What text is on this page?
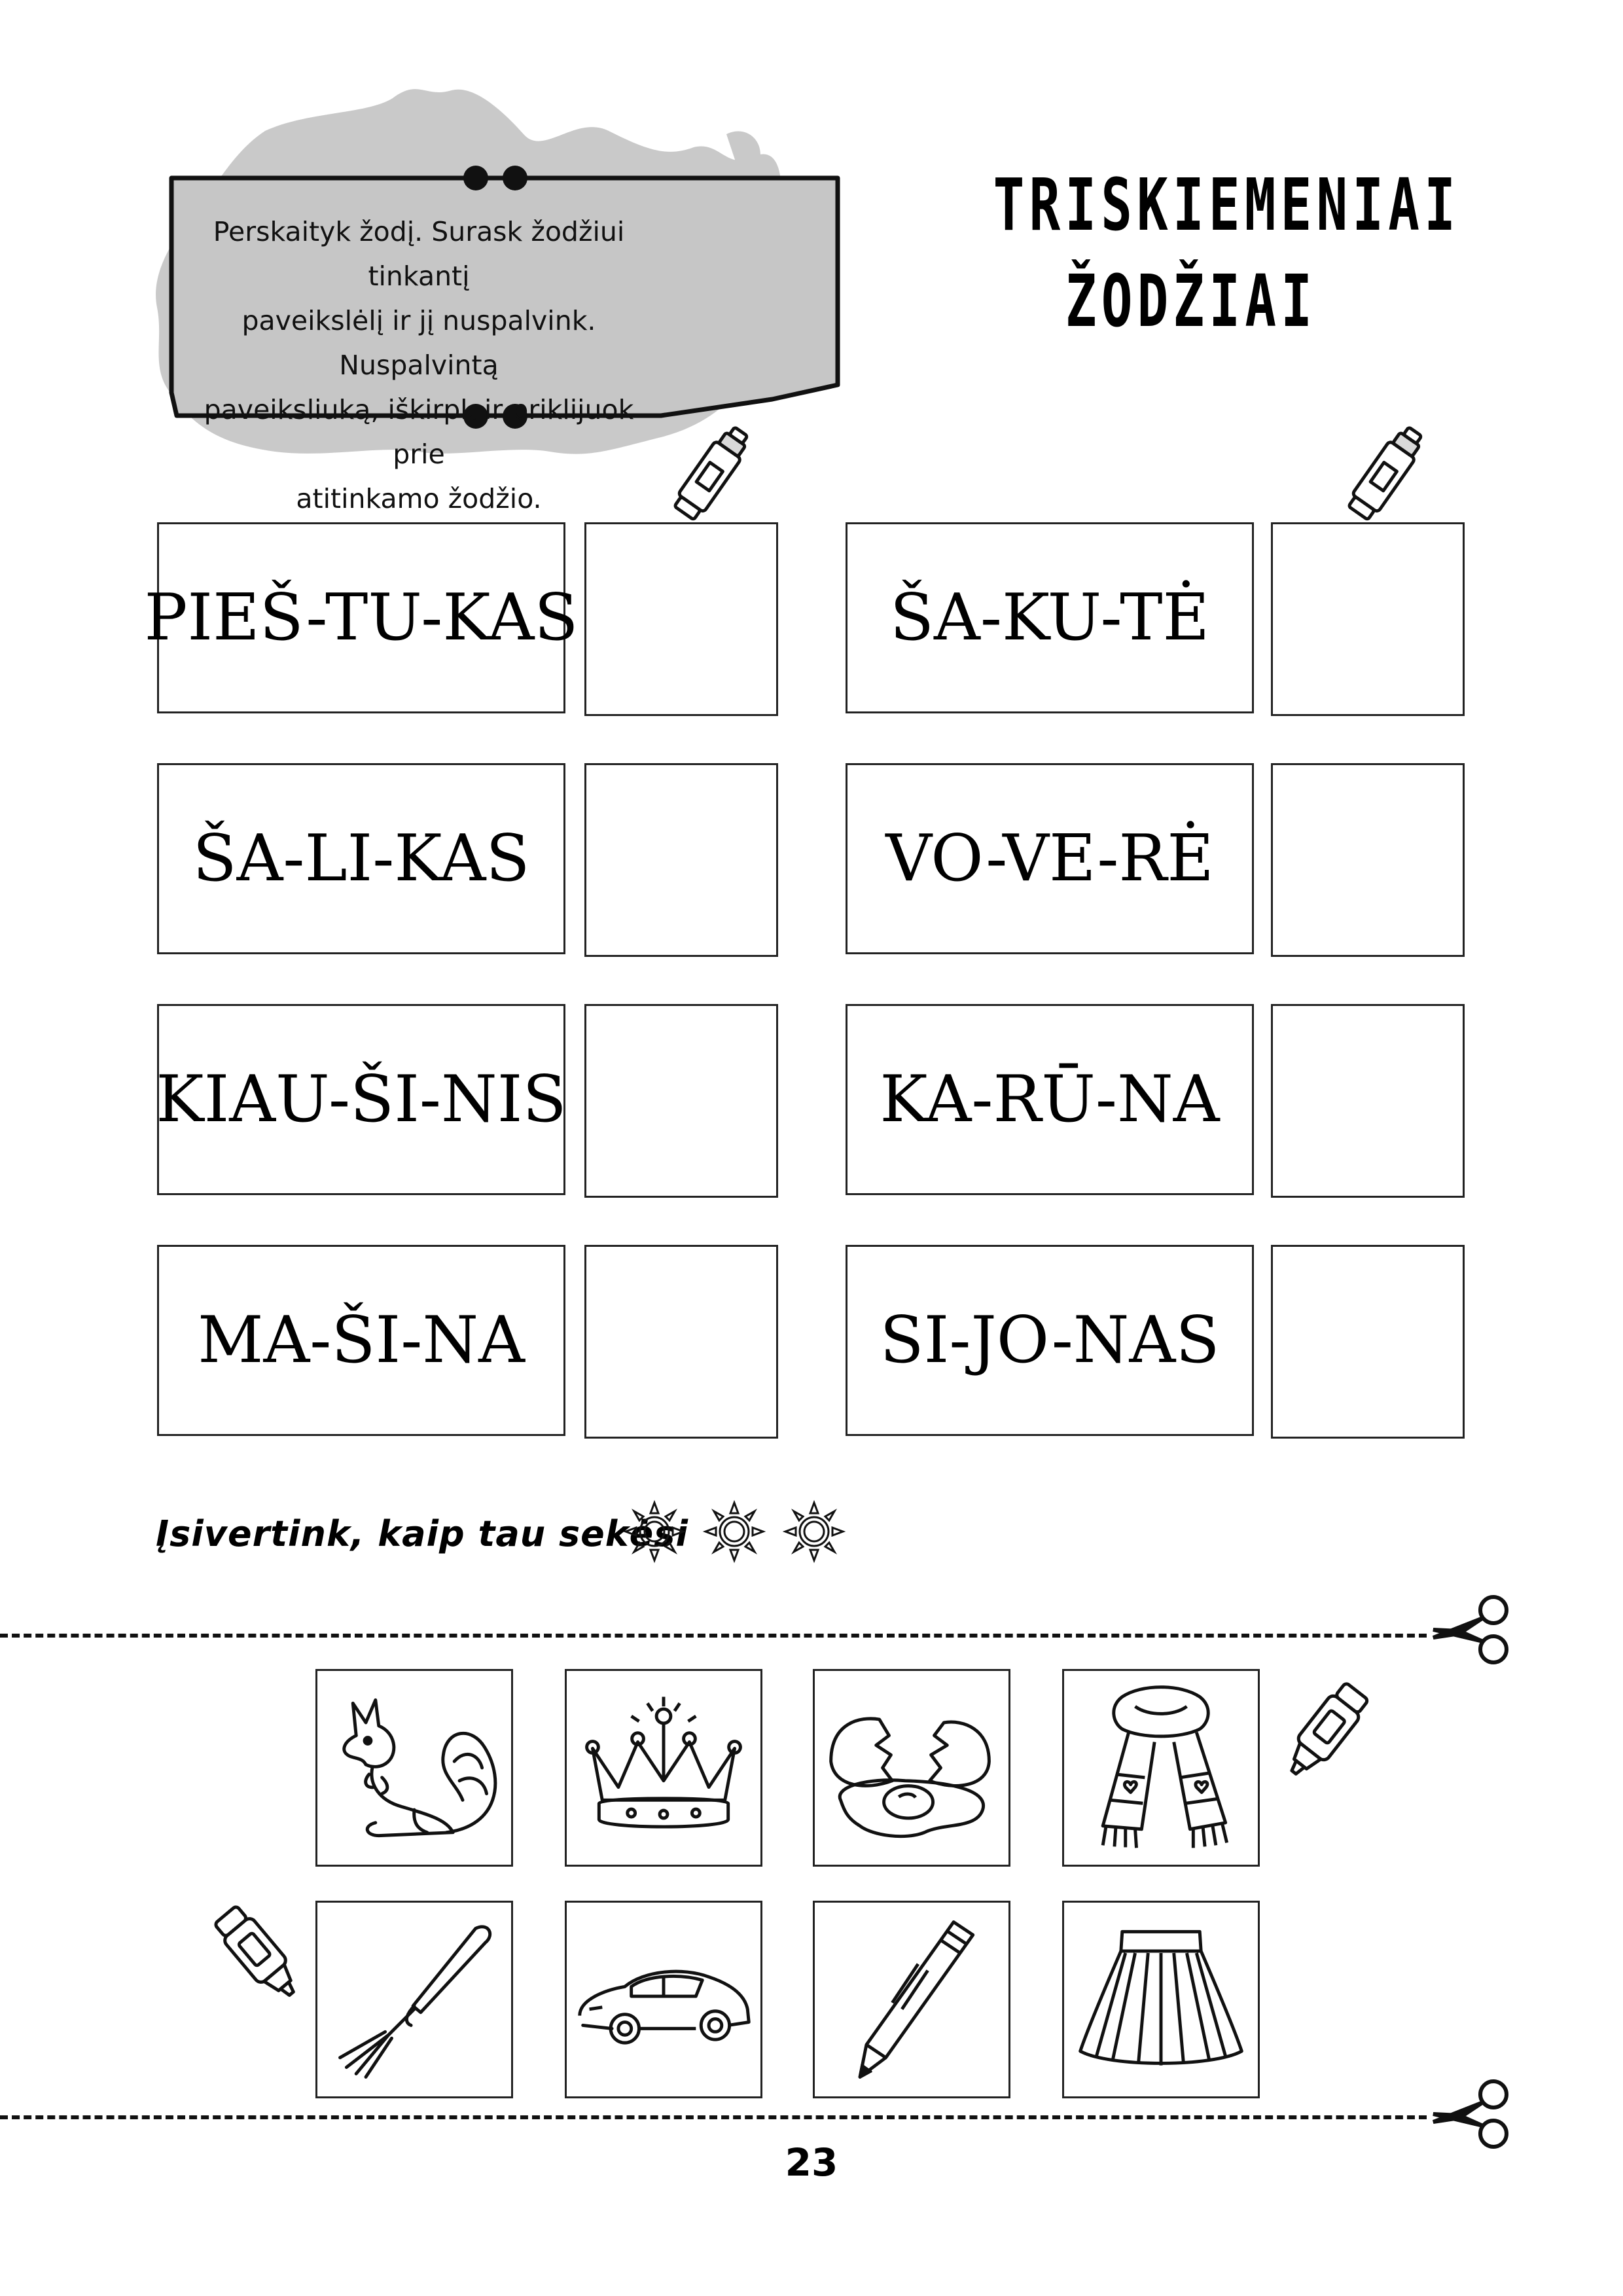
Perskaityk žodį. Surask žodžiui tinkantį
paveikslėlį ir jį nuspalvink. Nuspalvintą
paveiksliuką, iškirpk ir priklijuok prie
atitinkamo žodžio.
TRISKIEMENIAI
ŽODŽIAI
PIEŠ-TU-KAS	ŠA-KU-TĖ
ŠA-LI-KAS	VO-VE-RĖ
KIAU-ŠI-NIS	KA-RŪ-NA
MA-ŠI-NA	SI-JO-NAS
Įsivertink, kaip tau sekėsi
23
